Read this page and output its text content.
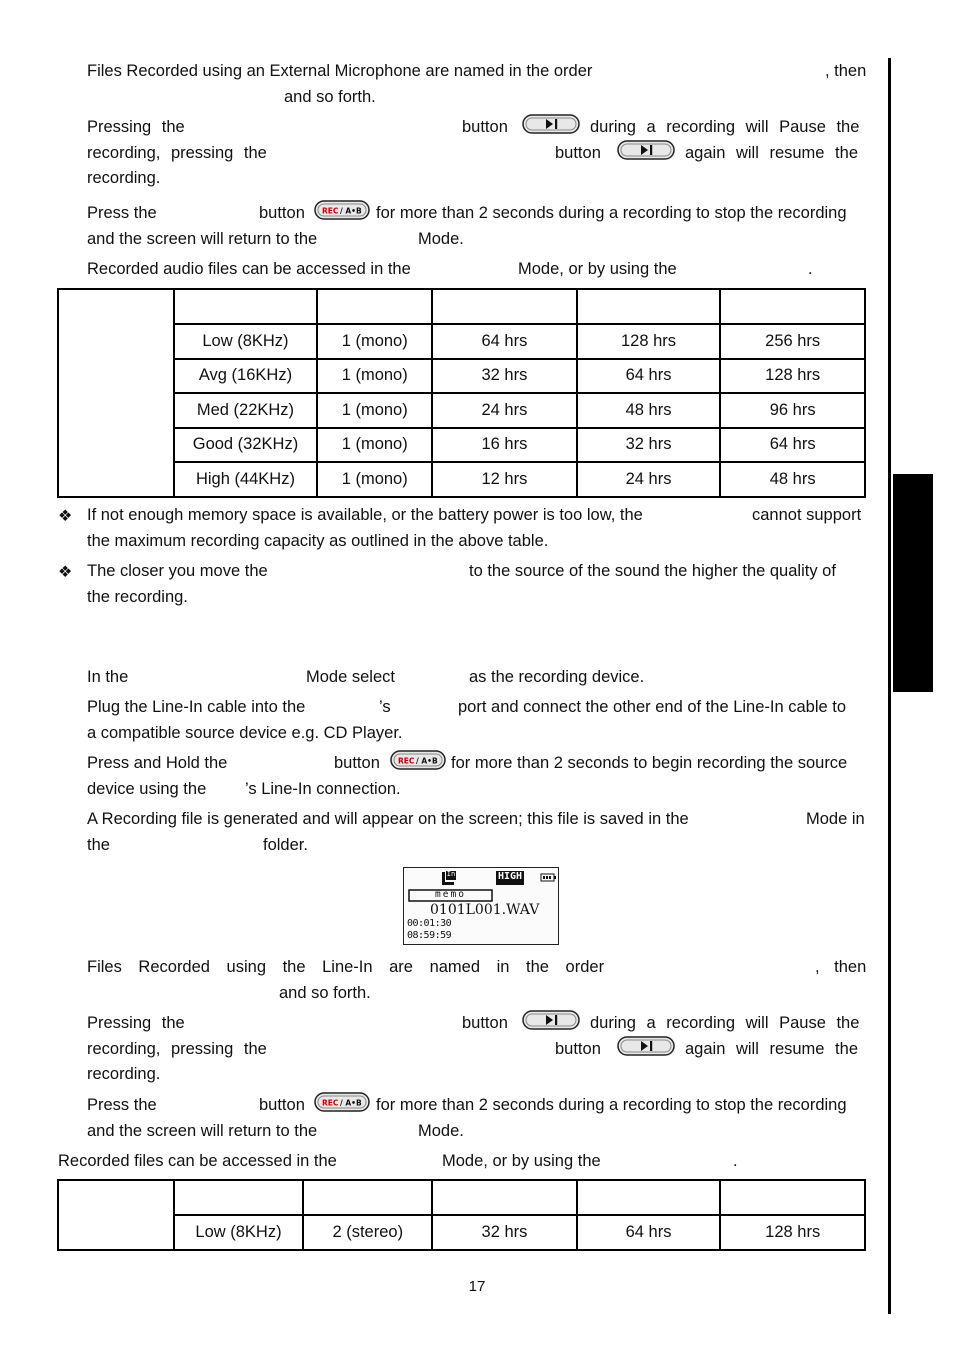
Files Recorded using an External Microphone are named in the order	, then
and so forth.
Pressing the	button	during a recording will Pause the
recording, pressing the	button	again will resume the
recording.
Press the	button REC / A•B for more than 2 seconds during a recording to stop the recording
and the screen will return to the	Mode.
Recorded audio files can be accessed in the	Mode, or by using the	.

	Low (8KHz)	1 (mono)	64 hrs	128 hrs	256 hrs
	Avg (16KHz)	1 (mono)	32 hrs	64 hrs	128 hrs
	Med (22KHz)	1 (mono)	24 hrs	48 hrs	96 hrs
	Good (32KHz)	1 (mono)	16 hrs	32 hrs	64 hrs
	High (44KHz)	1 (mono)	12 hrs	24 hrs	48 hrs
❖ If not enough memory space is available, or the battery power is too low, the	cannot support
the maximum recording capacity as outlined in the above table.
❖ The closer you move the	to the source of the sound the higher the quality of
the recording.
In the	Mode select	as the recording device.
Plug the Line-In cable into the	’s	port and connect the other end of the Line-In cable to
a compatible source device e.g. CD Player.
Press and Hold the	button REC / A•B for more than 2 seconds to begin recording the source
device using the ’s Line-In connection.
A Recording file is generated and will appear on the screen; this file is saved in the	Mode in
the	folder.
In	HIGH
memo
0101L001.WAV
00:01:30
08:59:59
Files Recorded using the Line-In are named in the order	, then
and so forth.
Pressing the	button	during a recording will Pause the
recording, pressing the	button	again will resume the
recording.
Press the	button REC / A•B for more than 2 seconds during a recording to stop the recording
and the screen will return to the	Mode.
Recorded files can be accessed in the	Mode, or by using the	.

	Low (8KHz)	2 (stereo)	32 hrs	64 hrs	128 hrs
17
